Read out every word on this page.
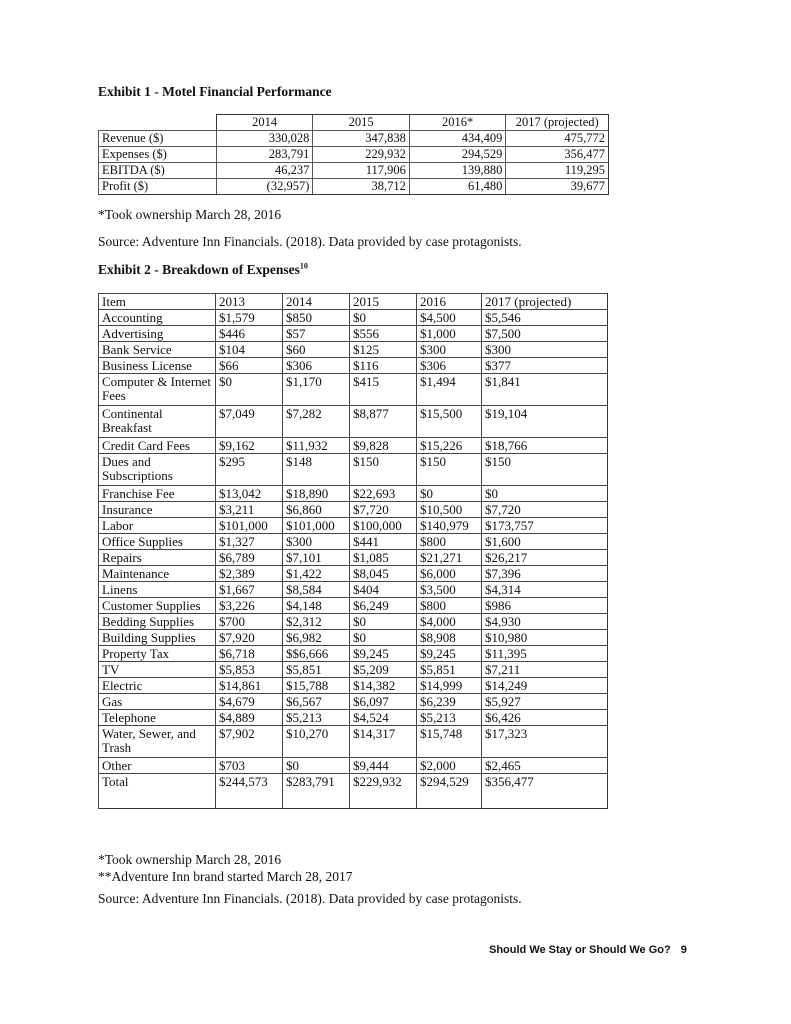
Exhibit 1 - Motel Financial Performance
	2014	2015	2016*	2017 (projected)
Revenue ($)	330,028	347,838	434,409	475,772
Expenses ($)	283,791	229,932	294,529	356,477
EBITDA ($)	46,237	117,906	139,880	119,295
Profit ($)	(32,957)	38,712	61,480	39,677
*Took ownership March 28, 2016
Source: Adventure Inn Financials. (2018). Data provided by case protagonists.
Exhibit 2 - Breakdown of Expenses$^{10}$
Item	2013	2014	2015	2016	2017 (projected)
Accounting	$1,579	$850	$0	$4,500	$5,546
Advertising	$446	$57	$556	$1,000	$7,500
Bank Service	$104	$60	$125	$300	$300
Business License	$66	$306	$116	$306	$377
Computer & Internet Fees	$0	$1,170	$415	$1,494	$1,841
Continental Breakfast	$7,049	$7,282	$8,877	$15,500	$19,104
Credit Card Fees	$9,162	$11,932	$9,828	$15,226	$18,766
Dues and Subscriptions	$295	$148	$150	$150	$150
Franchise Fee	$13,042	$18,890	$22,693	$0	$0
Insurance	$3,211	$6,860	$7,720	$10,500	$7,720
Labor	$101,000	$101,000	$100,000	$140,979	$173,757
Office Supplies	$1,327	$300	$441	$800	$1,600
Repairs	$6,789	$7,101	$1,085	$21,271	$26,217
Maintenance	$2,389	$1,422	$8,045	$6,000	$7,396
Linens	$1,667	$8,584	$404	$3,500	$4,314
Customer Supplies	$3,226	$4,148	$6,249	$800	$986
Bedding Supplies	$700	$2,312	$0	$4,000	$4,930
Building Supplies	$7,920	$6,982	$0	$8,908	$10,980
Property Tax	$6,718	$$6,666	$9,245	$9,245	$11,395
TV	$5,853	$5,851	$5,209	$5,851	$7,211
Electric	$14,861	$15,788	$14,382	$14,999	$14,249
Gas	$4,679	$6,567	$6,097	$6,239	$5,927
Telephone	$4,889	$5,213	$4,524	$5,213	$6,426
Water, Sewer, and Trash	$7,902	$10,270	$14,317	$15,748	$17,323
Other	$703	$0	$9,444	$2,000	$2,465
Total	$244,573	$283,791	$229,932	$294,529	$356,477
*Took ownership March 28, 2016
**Adventure Inn brand started March 28, 2017
Source: Adventure Inn Financials. (2018). Data provided by case protagonists.
Should We Stay or Should We Go? 9
